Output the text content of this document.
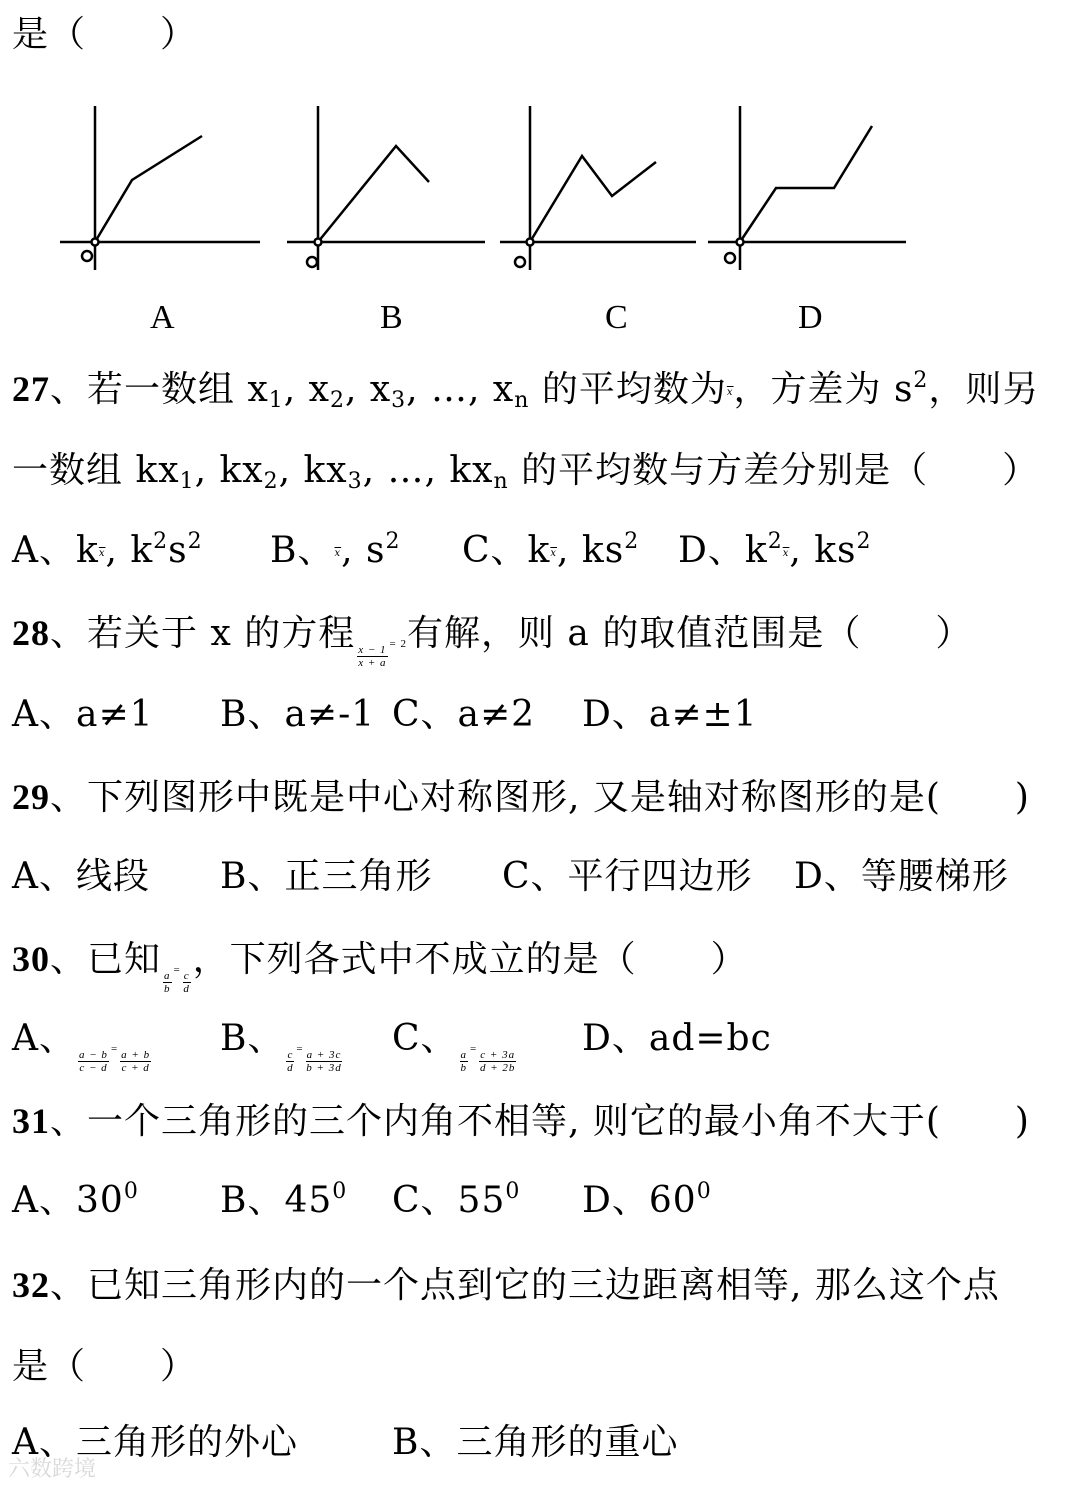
是（　　）
A	B	C	D
27、若一数组 $x_1$, $x_2$, $x_3$, …, $x_n$ 的平均数为$\overline{x}$，方差为 $s^2$，则另
一数组 $kx_1$, $kx_2$, $kx_3$, …, $kx_n$ 的平均数与方差分别是（　　）
A、$k\overline{x}$, $k^2s^2$ B、$\overline{x}$, $s^2$ C、$k\overline{x}$, $ks^2$ D、$k^2\overline{x}$, $ks^2$
28、若关于 x 的方程
$\frac{x - 1}{x + a} = 2$有解，则 a 的取值范围是（　　）
A、a≠1 B、a≠-1 C、a≠2 D、a≠±1
29、下列图形中既是中心对称图形, 又是轴对称图形的是(　　)
A、线段 B、正三角形 C、平行四边形 D、等腰梯形
30、已知
$\frac{a}{b} = \frac{c}{d}$
，下列各式中不成立的是（　　）
A、
$\frac{a - b}{c - d} = \frac{a + b}{c + d}$
B、
$\frac{c}{d} = \frac{a + 3c}{b + 3d}$
C、
$\frac{a}{b} = \frac{c + 3a}{d + 2b}$
D、ad=bc
31、一个三角形的三个内角不相等, 则它的最小角不大于(　　)
A、$30^0$ B、$45^0$ C、$55^0$ D、$60^0$
32、已知三角形内的一个点到它的三边距离相等, 那么这个点
是（　　）
A、三角形的外心	B、三角形的重心
六数跨境
